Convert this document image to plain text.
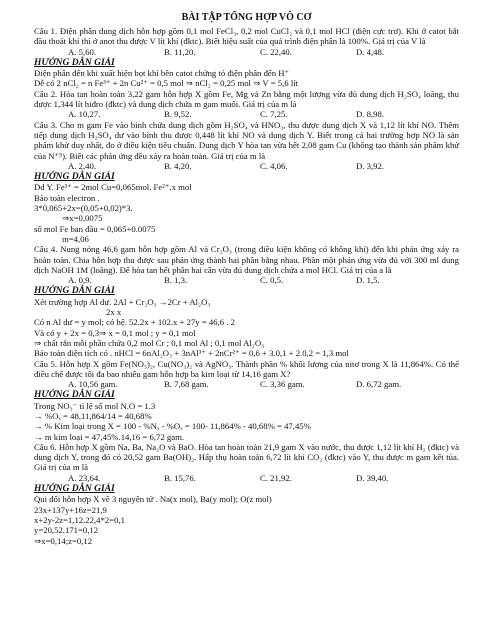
BÀI TẬP TỔNG HỢP VÔ CƠ

Câu 1. Điện phân dung dịch hỗn hợp gồm 0,1 mol FeCl₃, 0,2 mol CuCl₂ và 0,1 mol HCl (điện cực trơ). Khi ở catot bắt đầu thoát khí thì ở anot thu được V lít khí (đktc). Biết hiệu suất của quá trình điện phân là 100%. Giá trị của V là

A. 5,60.	B. 11,20.	C. 22,40.	D. 4,48.
HƯỚNG DẪN GIẢI

Điện phân đến khi xuất hiện bọt khí bên catot chứng tỏ điện phân đến H⁺

Dễ có 2 nCl₂ = n Fe³⁺ + 2n Cu²⁺ = 0,5 mol ⇒ nCl₂ = 0,25 mol ⇒ V = 5,6 lít

Câu 2. Hòa tan hoàn toàn 3,22 gam hỗn hợp X gồm Fe, Mg và Zn bằng một lượng vừa đủ dung dịch H₂SO₄ loãng, thu được 1,344 lít hiđro (đktc) và dung dịch chứa m gam muối. Giá trị của m là

A. 10,27.	B. 9,52.	C. 7,25.	D. 8,98.

Câu 3. Cho m gam Fe vào bình chứa dung dịch gồm H₂SO₄ và HNO₃, thu được dung dịch X và 1,12 lít khí NO. Thêm tiếp dung dịch H₂SO₄ dư vào bình thu được 0,448 lít khí NO và dung dịch Y. Biết trong cả hai trường hợp NO là sản phẩm khử duy nhất, đo ở điều kiện tiêu chuẩn. Dung dịch Y hòa tan vừa hết 2,08 gam Cu (không tạo thành sản phẩm khử của N⁺⁵). Biết các phản ứng đều xảy ra hoàn toàn. Giá trị của m là

A. 2,40.	B. 4,20.	C. 4,06.	D. 3,92.
HƯỚNG DẪN GIẢI

Dd Y. Fe³⁺ = 2mol Cu=0,065mol. Fe²⁺.x mol

Bảo toàn electron .

3*0,065+2x=(0,05+0,02)*3.

⇒x=0,0075

số mol Fe ban đầu = 0,065+0.0075

m=4,06

Câu 4. Nung nóng 46,6 gam hỗn hợp gồm Al và Cr₂O₃ (trong điều kiện không có không khí) đến khi phản ứng xảy ra hoàn toàn. Chia hỗn hợp thu được sau phản ứng thành hai phần bằng nhau. Phần một phản ứng vừa đủ với 300 ml dung dịch NaOH 1M (loãng). Để hòa tan hết phần hai cần vừa đủ dung dịch chứa a mol HCl. Giá trị của a là

A. 0,9.	B. 1,3.	C. 0,5.	D. 1,5.
HƯỚNG DẪN GIẢI

Xét trường hợp Al dư. 2Al + Cr₂O₃ →2Cr + Al₂O₃

2x x

Có n Al dư = y mol; có hệ. 52.2x + 102.x + 27y = 46,6 . 2

Và có y + 2x = 0,3⇒ x = 0,1 mol ; y = 0,1 mol

⇒ chất rắn mỗi phần chứa 0,2 mol Cr ; 0,1 mol Al ; 0,1 mol Al₂O₃

Bảo toàn điện tích có . nHCl = 6nAl₂O₃ + 3nAl³⁺ + 2nCr²⁺ = 0,6 + 3.0,1 + 2.0,2 = 1,3 mol

Câu 5. Hỗn hợp X gồm Fe(NO₃)₂, Cu(NO₃)₂ và AgNO₃. Thành phần % khối lượng của nitơ trong X là 11,864%. Có thể điều chế được tối đa bao nhiêu gam hỗn hợp ba kim loại từ 14,16 gam X?

A. 10,56 gam.	B. 7,68 gam.	C. 3,36 gam.	D. 6,72 gam.
HƯỚNG DẪN GIẢI

Trong NO₃⁻ tỉ lệ số mol N.O = 1.3

→ %Oₓ = 48,11,864/14 = 40,68%

→ % Kim loại trong X = 100 - %Nₓ - %Oₓ = 100- 11,864% - 40,68% = 47,45%

→ m kim loại = 47,45%.14,16 = 6,72 gam.

Câu 6. Hỗn hợp X gồm Na, Ba, Na₂O và BaO. Hòa tan hoàn toàn 21,9 gam X vào nước, thu được 1,12 lít khí H₂ (đktc) và dung dịch Y, trong đó có 20,52 gam Ba(OH)₂. Hấp thụ hoàn toàn 6,72 lít khí CO₂ (đktc) vào Y, thu được m gam kết tủa. Giá trị của m là

A. 23,64.	B. 15,76.	C. 21,92.	D. 39,40.
HƯỚNG DẪN GIẢI

Qui đổi hỗn hợp X về 3 nguyên tử . Na(x mol), Ba(y mol); O(z mol)

23x+137y+16z=21,9

x+2y-2z=1,12.22,4*2=0,1

y=20,52.171=0,12

⇒x=0,14;z=0,12
